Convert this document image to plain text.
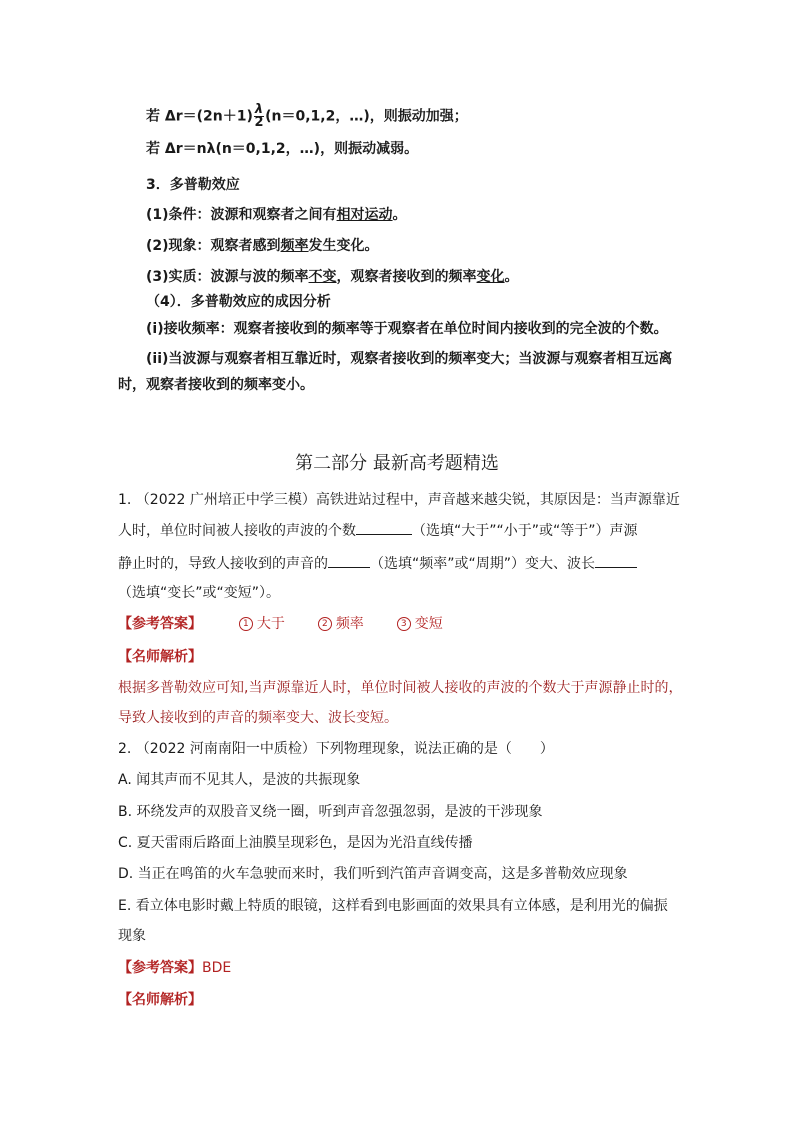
若 $\Delta r=(2n+1) \frac{\lambda}{2} (n=0,1,2$，…)，则振动加强；
若 Δr＝nλ(n＝0,1,2，…)，则振动减弱。
3．多普勒效应
(1)条件：波源和观察者之间有相对运动。
(2)现象：观察者感到频率发生变化。
(3)实质：波源与波的频率不变，观察者接收到的频率变化。
（4）．多普勒效应的成因分析
(i)接收频率：观察者接收到的频率等于观察者在单位时间内接收到的完全波的个数。
(ii)当波源与观察者相互靠近时，观察者接收到的频率变大；当波源与观察者相互远离
时，观察者接收到的频率变小。
第二部分 最新高考题精选
1. （2022 广州培正中学三模）高铁进站过程中，声音越来越尖锐，其原因是：当声源靠近
人时，单位时间被人接收的声波的个数	（选填“大于”“小于”或“等于”）声源
静止时的，导致人接收到的声音的	（选填“频率”或“周期”）变大、波长
（选填“变长”或“变短”）。
【参考答案】	1 大于	2 频率	3 变短
【名师解析】
根据多普勒效应可知,当声源靠近人时，单位时间被人接收的声波的个数大于声源静止时的，
导致人接收到的声音的频率变大、波长变短。
2. （2022 河南南阳一中质检）下列物理现象，说法正确的是（　　）
A. 闻其声而不见其人，是波的共振现象
B. 环绕发声的双股音叉绕一圈，听到声音忽强忽弱，是波的干涉现象
C. 夏天雷雨后路面上油膜呈现彩色，是因为光沿直线传播
D. 当正在鸣笛的火车急驶而来时，我们听到汽笛声音调变高，这是多普勒效应现象
E. 看立体电影时戴上特质的眼镜，这样看到电影画面的效果具有立体感，是利用光的偏振
现象
【参考答案】BDE
【名师解析】
